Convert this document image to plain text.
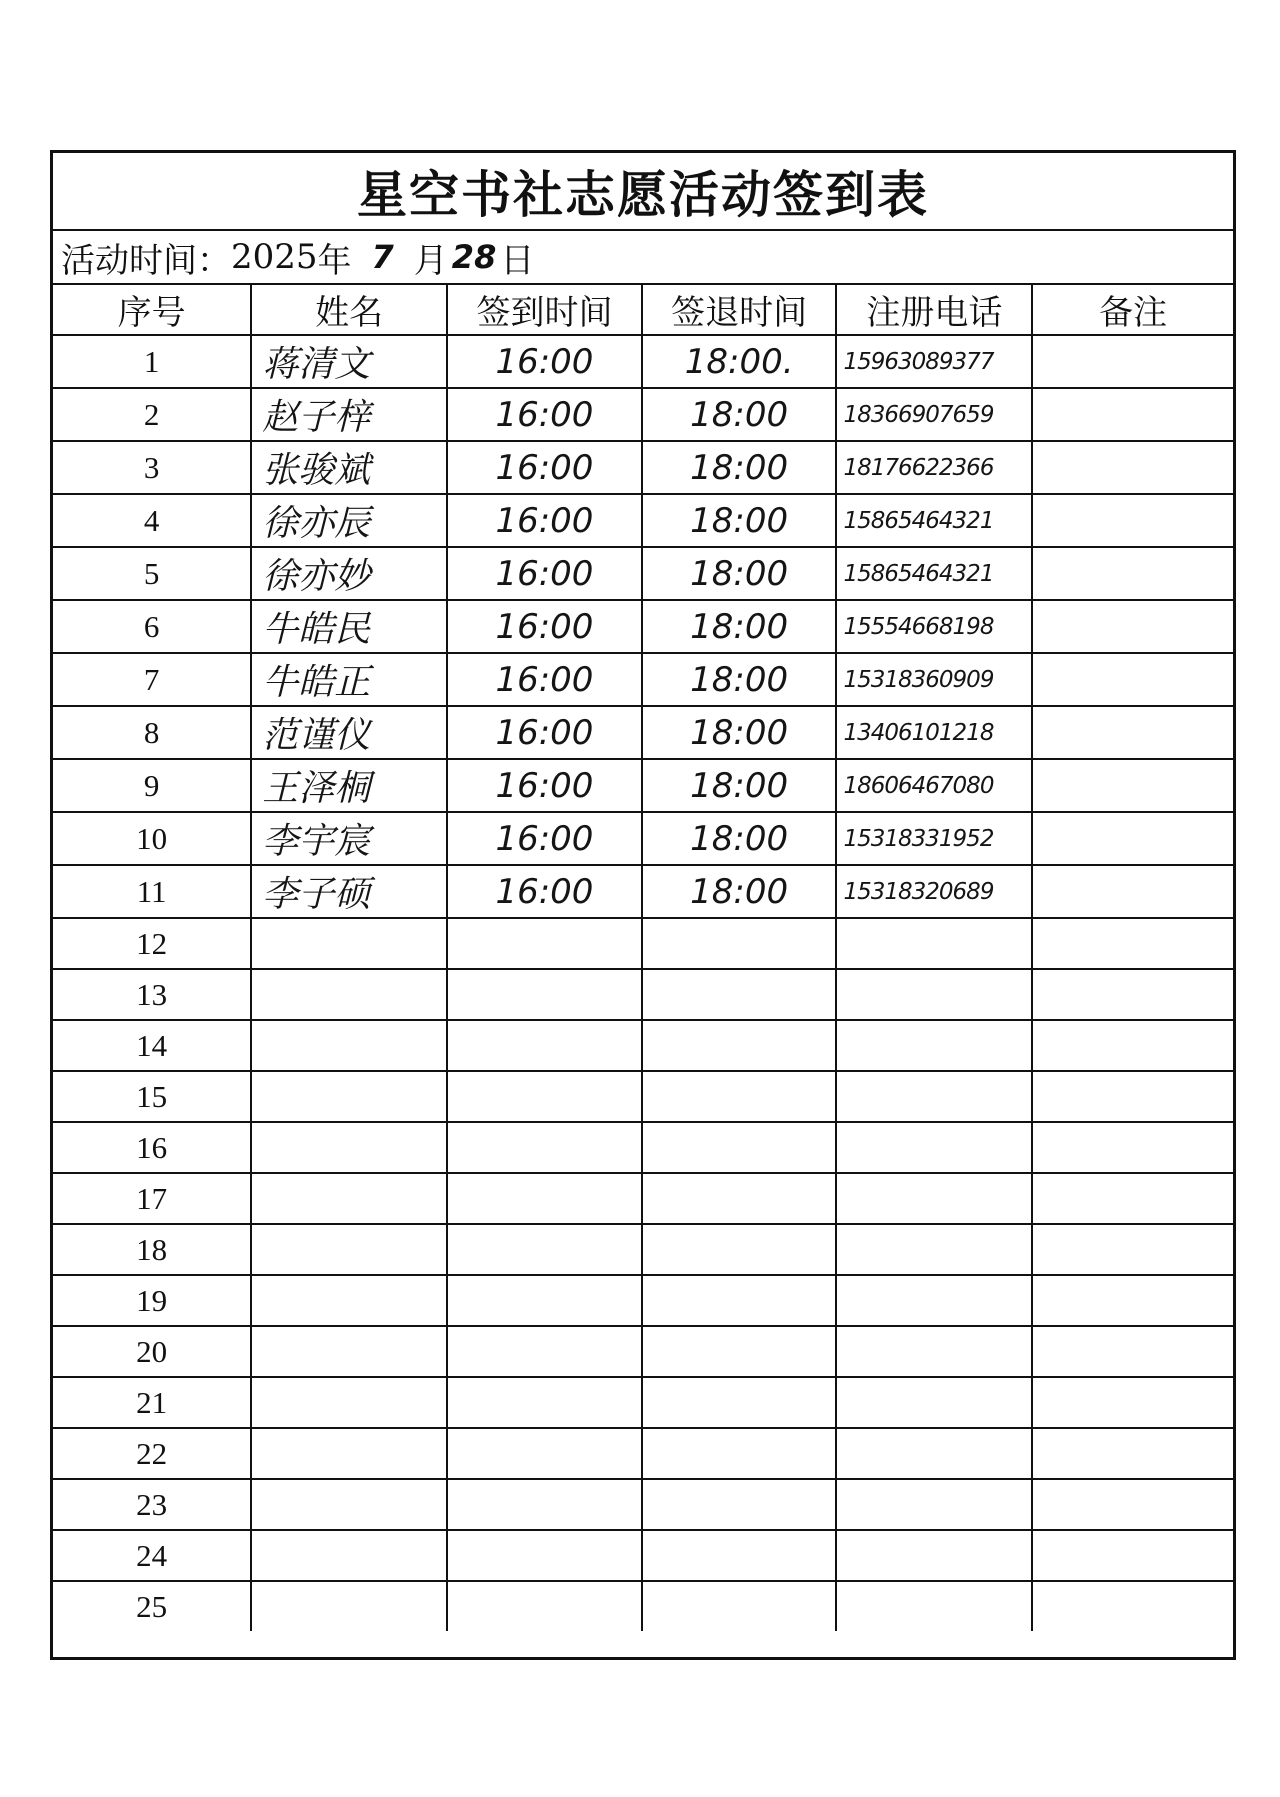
星空书社志愿活动签到表
活动时间： 2025 年 7 月 28 日
序号	姓名	签到时间	签退时间	注册电话	备注
1	蒋清文	16:00	18:00.	15963089377	
2	赵子梓	16:00	18:00	18366907659	
3	张骏斌	16:00	18:00	18176622366	
4	徐亦辰	16:00	18:00	15865464321	
5	徐亦妙	16:00	18:00	15865464321	
6	牛皓民	16:00	18:00	15554668198	
7	牛皓正	16:00	18:00	15318360909	
8	范谨仪	16:00	18:00	13406101218	
9	王泽桐	16:00	18:00	18606467080	
10	李宇宸	16:00	18:00	15318331952	
11	李子硕	16:00	18:00	15318320689	
12					
13					
14					
15					
16					
17					
18					
19					
20					
21					
22					
23					
24					
25					
